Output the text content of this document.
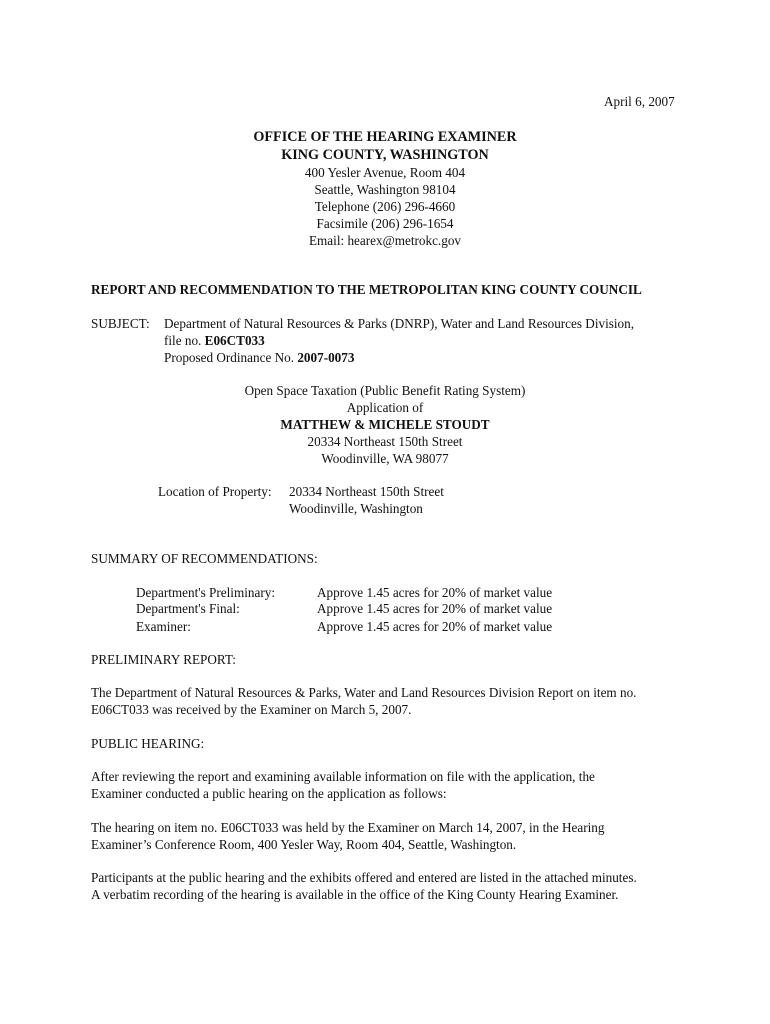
April 6, 2007
OFFICE OF THE HEARING EXAMINER
KING COUNTY, WASHINGTON
400 Yesler Avenue, Room 404
Seattle, Washington 98104
Telephone (206) 296-4660
Facsimile (206) 296-1654
Email: hearex@metrokc.gov
REPORT AND RECOMMENDATION TO THE METROPOLITAN KING COUNTY COUNCIL
SUBJECT: Department of Natural Resources & Parks (DNRP), Water and Land Resources Division,
file no. E06CT033
Proposed Ordinance No. 2007-0073
Open Space Taxation (Public Benefit Rating System)
Application of
MATTHEW & MICHELE STOUDT
20334 Northeast 150th Street
Woodinville, WA 98077
Location of Property: 20334 Northeast 150th Street
Woodinville, Washington
SUMMARY OF RECOMMENDATIONS:
Department's Preliminary:	Approve 1.45 acres for 20% of market value
Department's Final:	Approve 1.45 acres for 20% of market value
Examiner:	Approve 1.45 acres for 20% of market value
PRELIMINARY REPORT:
The Department of Natural Resources & Parks, Water and Land Resources Division Report on item no.
E06CT033 was received by the Examiner on March 5, 2007.
PUBLIC HEARING:
After reviewing the report and examining available information on file with the application, the
Examiner conducted a public hearing on the application as follows:
The hearing on item no. E06CT033 was held by the Examiner on March 14, 2007, in the Hearing
Examiner’s Conference Room, 400 Yesler Way, Room 404, Seattle, Washington.
Participants at the public hearing and the exhibits offered and entered are listed in the attached minutes.
A verbatim recording of the hearing is available in the office of the King County Hearing Examiner.
